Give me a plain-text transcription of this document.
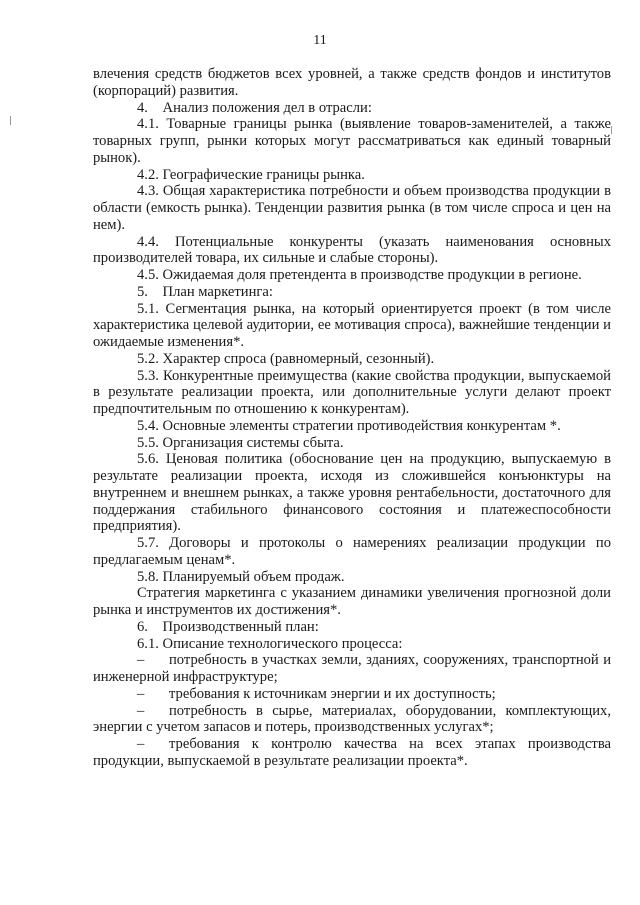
11

влечения средств бюджетов всех уровней, а также средств фондов и институтов (корпораций) развития.

4.    Анализ положения дел в отрасли:

4.1. Товарные границы рынка (выявление товаров-заменителей, а также товарных групп, рынки которых могут рассматриваться как единый товарный рынок).

4.2. Географические границы рынка.

4.3. Общая характеристика потребности и объем производства продукции в области (емкость рынка). Тенденции развития рынка (в том числе спроса и цен на нем).

4.4. Потенциальные конкуренты (указать наименования основных производителей товара, их сильные и слабые стороны).

4.5. Ожидаемая доля претендента в производстве продукции в регионе.

5.    План маркетинга:

5.1. Сегментация рынка, на который ориентируется проект (в том числе характеристика целевой аудитории, ее мотивация спроса), важнейшие тенденции и ожидаемые изменения*.

5.2. Характер спроса (равномерный, сезонный).

5.3. Конкурентные преимущества (какие свойства продукции, выпускаемой в результате реализации проекта, или дополнительные услуги делают проект предпочтительным по отношению к конкурентам).

5.4. Основные элементы стратегии противодействия конкурентам *.

5.5. Организация системы сбыта.

5.6. Ценовая политика (обоснование цен на продукцию, выпускаемую в результате реализации проекта, исходя из сложившейся конъюнктуры на внутреннем и внешнем рынках, а также уровня рентабельности, достаточного для поддержания стабильного финансового состояния и платежеспособности предприятия).

5.7. Договоры и протоколы о намерениях реализации продукции по предлагаемым ценам*.

5.8. Планируемый объем продаж.

Стратегия маркетинга с указанием динамики увеличения прогнозной доли рынка и инструментов их достижения*.

6.    Производственный план:

6.1. Описание технологического процесса:

– потребность в участках земли, зданиях, сооружениях, транспортной и инженерной инфраструктуре;

– требования к источникам энергии и их доступность;

– потребность в сырье, материалах, оборудовании, комплектующих, энергии с учетом запасов и потерь, производственных услугах*;

– требования к контролю качества на всех этапах производства продукции, выпускаемой в результате реализации проекта*.
